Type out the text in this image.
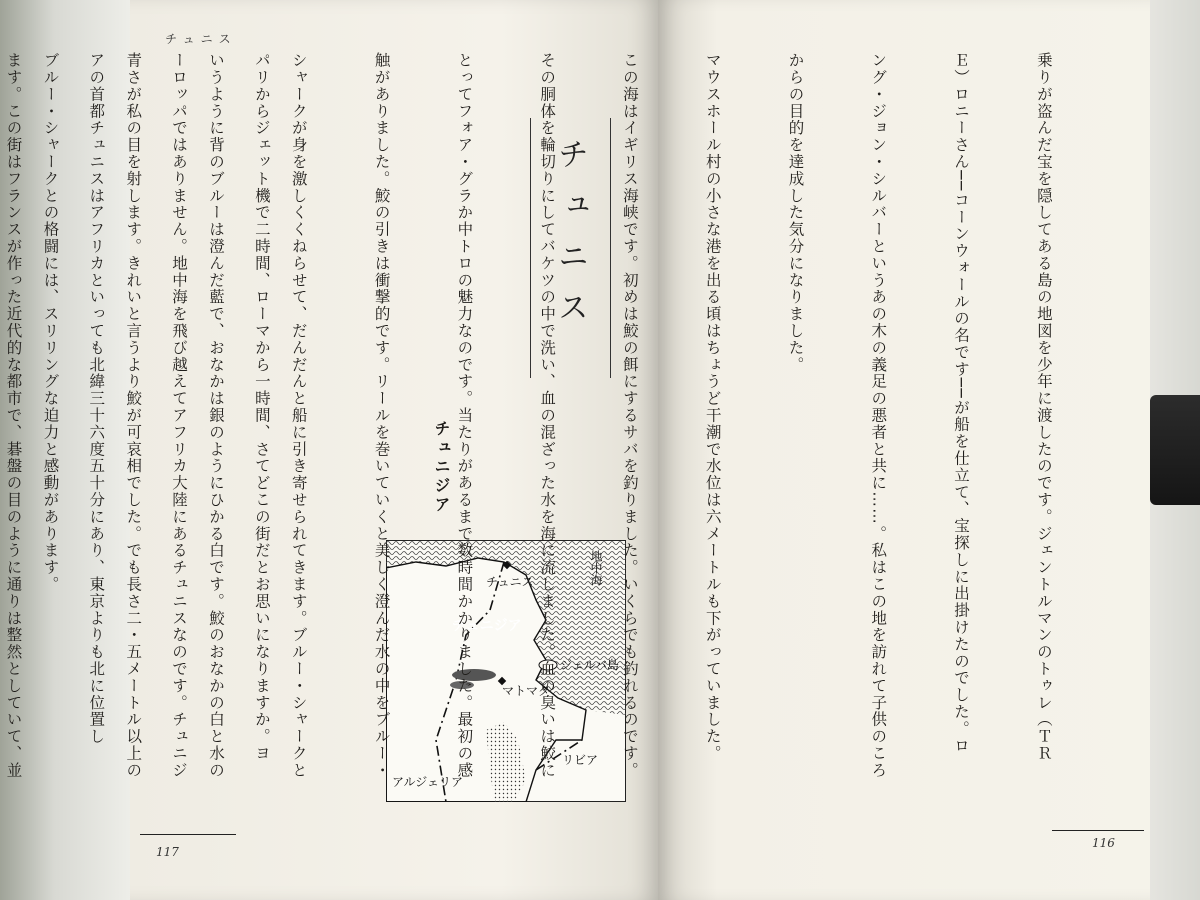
チュニス
チュニス
チュニジア

パリからジェット機で二時間、ローマから一時間、さてどこの街だとお思いになりますか。ヨ

ーロッパではありません。地中海を飛び越えてアフリカ大陸にあるチュニスなのです。チュニジ

アの首都チュニスはアフリカといっても北緯三十六度五十分にあり、東京よりも北に位置し

ます。この街はフランスが作った近代的な都市で、碁盤の目のように通りは整然としていて、並

	チュニス
チュニジア
ジェルバ島
マトマタ
アルジェリア
リビア
地中海

	乗りが盗んだ宝を隠してある島の地図を少年に渡したのです。ジェントルマンのトゥレ（ＴＲ

Ｅ）ロニーさん──コーンウォールの名です──が船を仕立て、宝探しに出掛けたのでした。ロ

ング・ジョン・シルバーというあの木の義足の悪者と共に……。私はこの地を訪れて子供のころ

からの目的を達成した気分になりました。

マウスホール村の小さな港を出る頃はちょうど干潮で水位は六メートルも下がっていました。

この海はイギリス海峡です。初めは鮫の餌にするサバを釣りました。いくらでも釣れるのです。

その胴体を輪切りにしてバケツの中で洗い、血の混ざった水を海に流しました。血の臭いは鮫に

とってフォア・グラか中トロの魅力なのです。当たりがあるまで数時間かかりました。最初の感

触がありました。鮫の引きは衝撃的です。リールを巻いていくと美しく澄んだ水の中をブルー・

シャークが身を激しくくねらせて、だんだんと船に引き寄せられてきます。ブルー・シャークと

いうように背のブルーは澄んだ藍で、おなかは銀のようにひかる白です。鮫のおなかの白と水の

青さが私の目を射します。きれいと言うより鮫が可哀相でした。でも長さ二・五メートル以上の

ブルー・シャークとの格闘には、スリリングな迫力と感動があります。

117
116
